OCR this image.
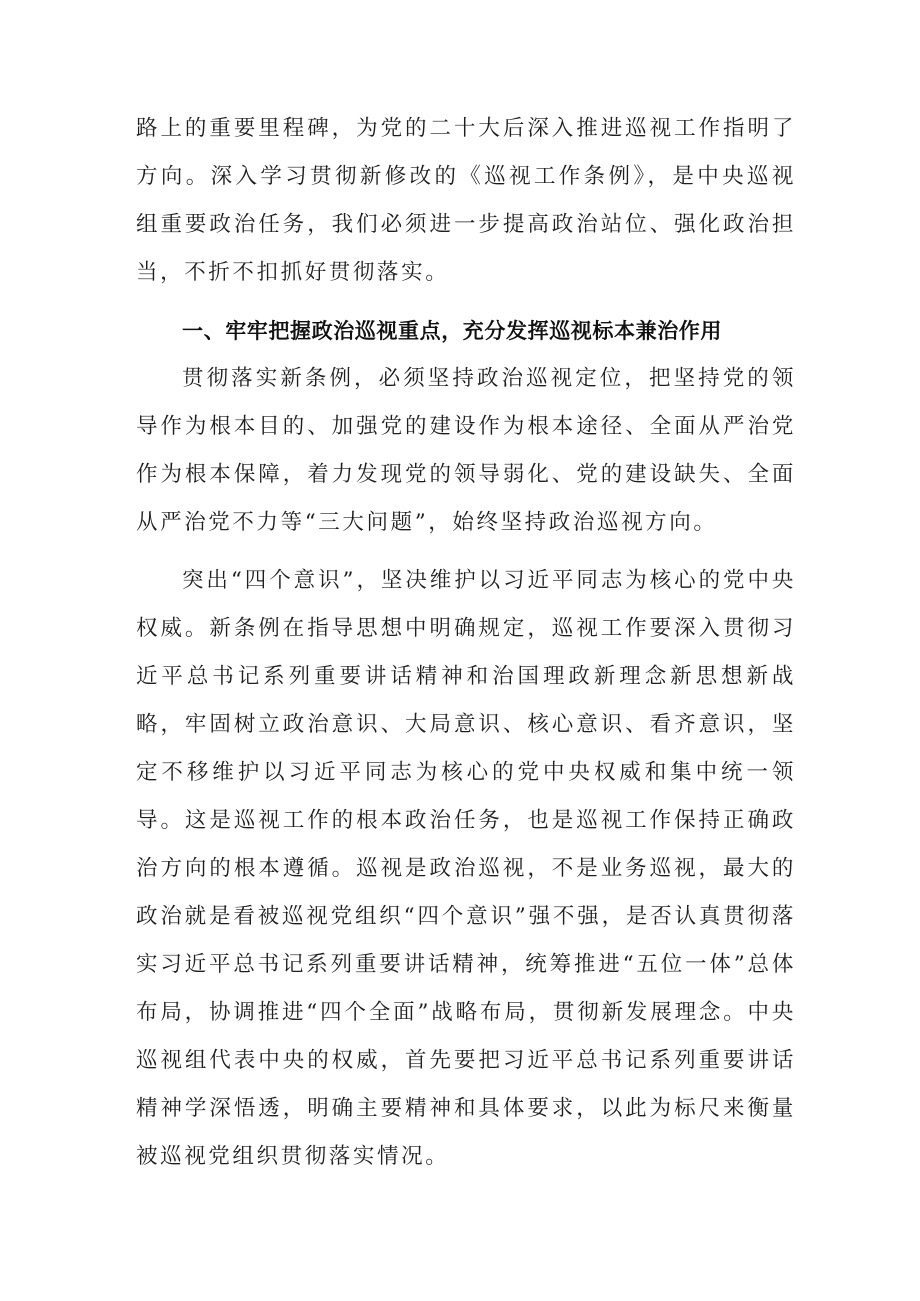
路上的重要里程碑，为党的二十大后深入推进巡视工作指明了方向。深入学习贯彻新修改的《巡视工作条例》，是中央巡视组重要政治任务，我们必须进一步提高政治站位、强化政治担当，不折不扣抓好贯彻落实。

一、牢牢把握政治巡视重点，充分发挥巡视标本兼治作用

贯彻落实新条例，必须坚持政治巡视定位，把坚持党的领导作为根本目的、加强党的建设作为根本途径、全面从严治党作为根本保障，着力发现党的领导弱化、党的建设缺失、全面从严治党不力等“三大问题”，始终坚持政治巡视方向。

突出“四个意识”，坚决维护以习近平同志为核心的党中央权威。新条例在指导思想中明确规定，巡视工作要深入贯彻习近平总书记系列重要讲话精神和治国理政新理念新思想新战略，牢固树立政治意识、大局意识、核心意识、看齐意识，坚定不移维护以习近平同志为核心的党中央权威和集中统一领导。这是巡视工作的根本政治任务，也是巡视工作保持正确政治方向的根本遵循。巡视是政治巡视，不是业务巡视，最大的政治就是看被巡视党组织“四个意识”强不强，是否认真贯彻落实习近平总书记系列重要讲话精神，统筹推进“五位一体”总体布局，协调推进“四个全面”战略布局，贯彻新发展理念。中央巡视组代表中央的权威，首先要把习近平总书记系列重要讲话精神学深悟透，明确主要精神和具体要求，以此为标尺来衡量被巡视党组织贯彻落实情况。
